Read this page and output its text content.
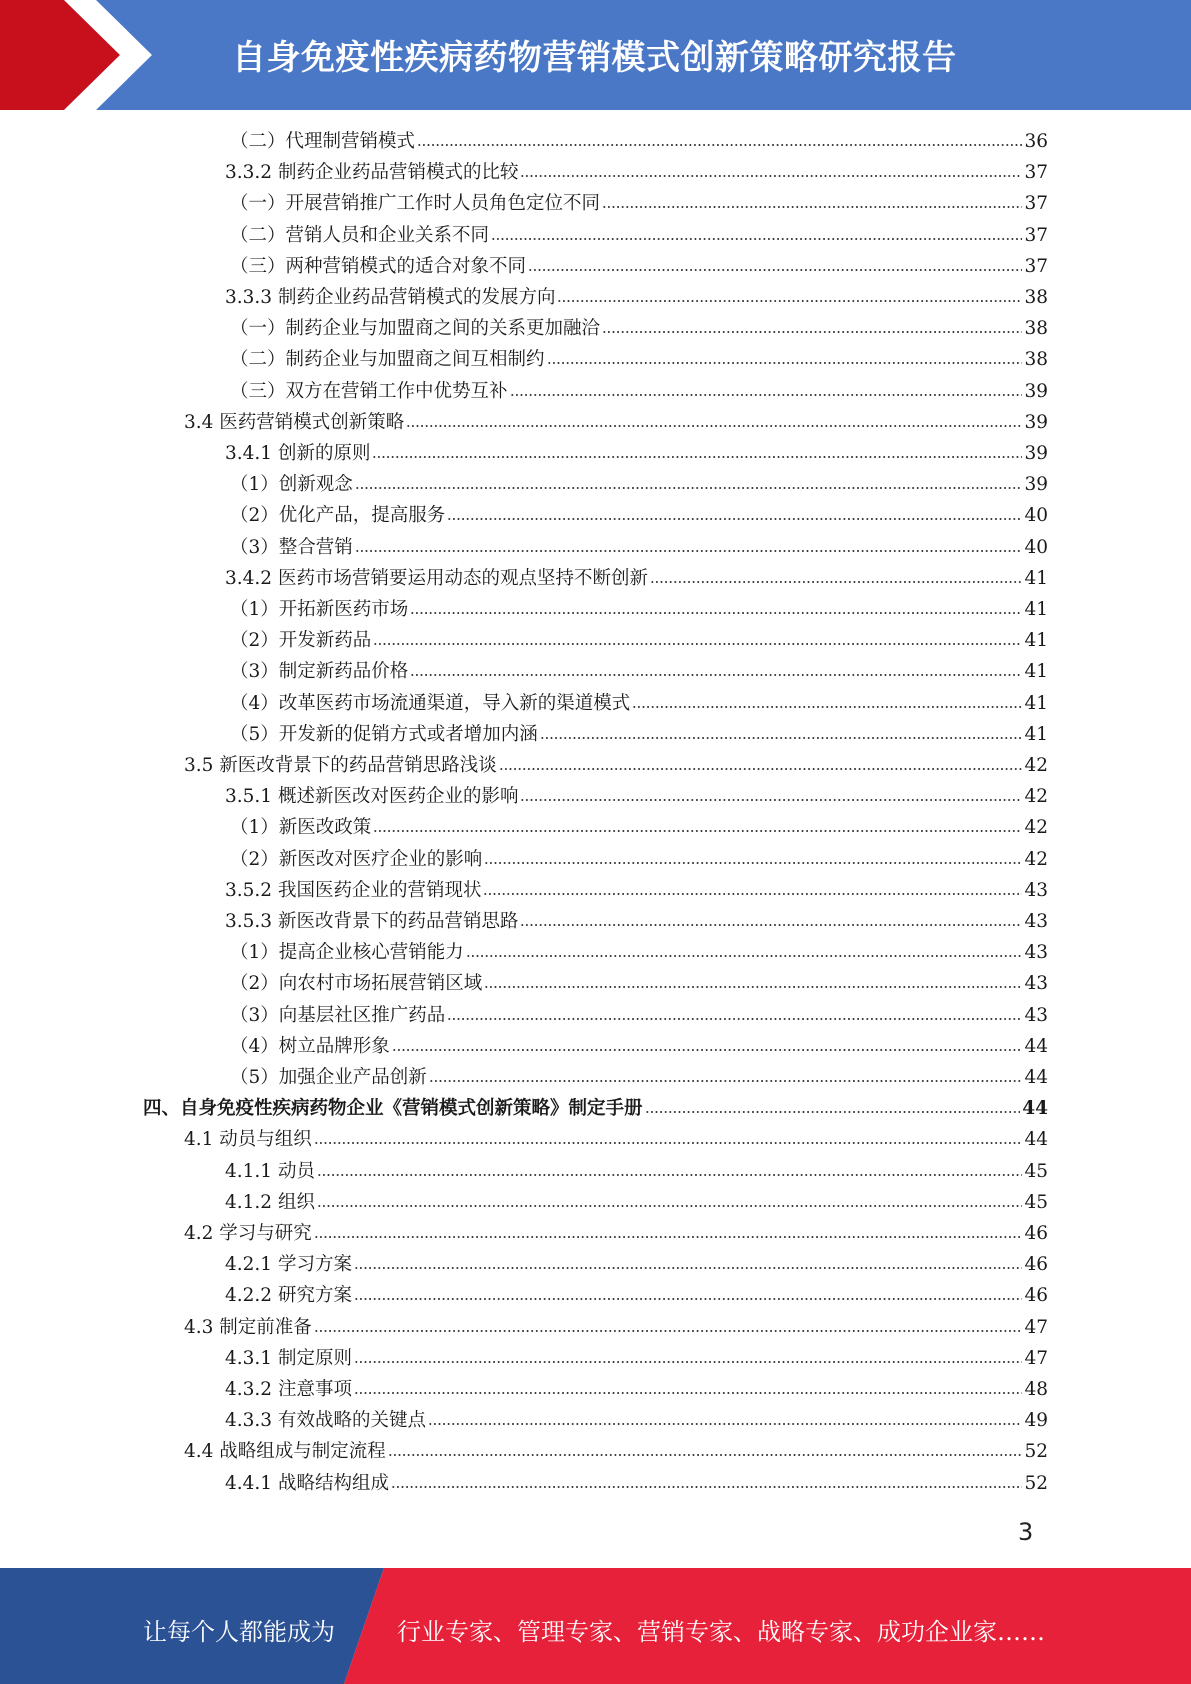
自身免疫性疾病药物营销模式创新策略研究报告
（二）代理制营销模式	36
3.3.2 制药企业药品营销模式的比较	37
（一）开展营销推广工作时人员角色定位不同	37
（二）营销人员和企业关系不同	37
（三）两种营销模式的适合对象不同	37
3.3.3 制药企业药品营销模式的发展方向	38
（一）制药企业与加盟商之间的关系更加融洽	38
（二）制药企业与加盟商之间互相制约	38
（三）双方在营销工作中优势互补	39
3.4 医药营销模式创新策略	39
3.4.1 创新的原则	39
（1）创新观念	39
（2）优化产品，提高服务	40
（3）整合营销	40
3.4.2 医药市场营销要运用动态的观点坚持不断创新	41
（1）开拓新医药市场	41
（2）开发新药品	41
（3）制定新药品价格	41
（4）改革医药市场流通渠道，导入新的渠道模式	41
（5）开发新的促销方式或者增加内涵	41
3.5 新医改背景下的药品营销思路浅谈	42
3.5.1 概述新医改对医药企业的影响	42
（1）新医改政策	42
（2）新医改对医疗企业的影响	42
3.5.2 我国医药企业的营销现状	43
3.5.3 新医改背景下的药品营销思路	43
（1）提高企业核心营销能力	43
（2）向农村市场拓展营销区域	43
（3）向基层社区推广药品	43
（4）树立品牌形象	44
（5）加强企业产品创新	44
四、自身免疫性疾病药物企业《营销模式创新策略》制定手册	44
4.1 动员与组织	44
4.1.1 动员	45
4.1.2 组织	45
4.2 学习与研究	46
4.2.1 学习方案	46
4.2.2 研究方案	46
4.3 制定前准备	47
4.3.1 制定原则	47
4.3.2 注意事项	48
4.3.3 有效战略的关键点	49
4.4 战略组成与制定流程	52
4.4.1 战略结构组成	52
3
让每个人都能成为	行业专家、管理专家、营销专家、战略专家、成功企业家……
